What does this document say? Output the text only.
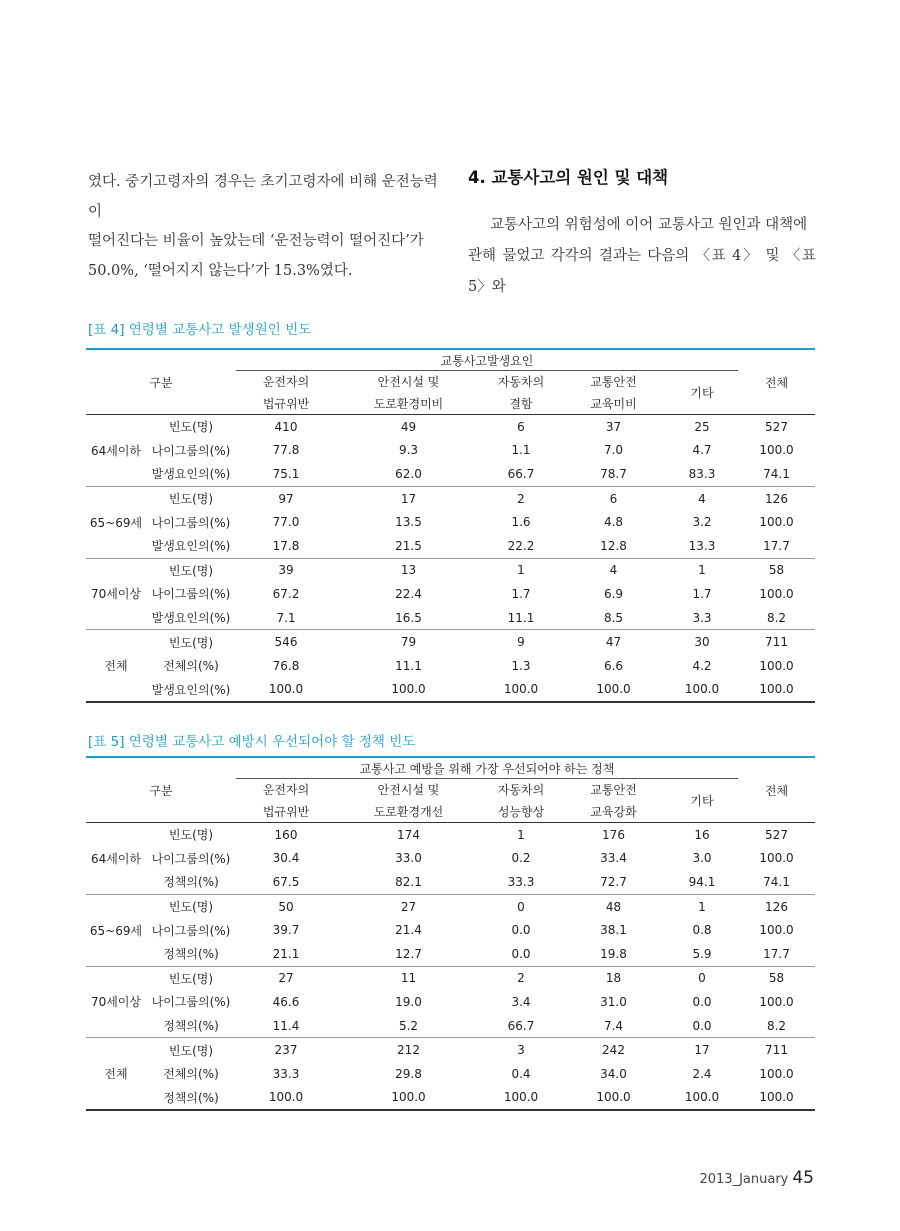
였다. 중기고령자의 경우는 초기고령자에 비해 운전능력이

떨어진다는 비율이 높았는데 ‘운전능력이 떨어진다’가

50.0%, ‘떨어지지 않는다’가 15.3%였다.

4. 교통사고의 원인 및 대책

교통사고의 위험성에 이어 교통사고 원인과 대책에

관해 물었고 각각의 결과는 다음의 〈표 4〉 및 〈표 5〉와

[표 4] 연령별 교통사고 발생원인 빈도
구분		교통사고발생요인					전체
		운전자의	안전시설 및	자동차의	교통안전	기타	
		법규위반	도로환경미비	결함	교육미비		
64세이하	빈도(명)	410	49	6	37	25	527
	나이그룹의(%)	77.8	9.3	1.1	7.0	4.7	100.0
	발생요인의(%)	75.1	62.0	66.7	78.7	83.3	74.1
65~69세	빈도(명)	97	17	2	6	4	126
	나이그룹의(%)	77.0	13.5	1.6	4.8	3.2	100.0
	발생요인의(%)	17.8	21.5	22.2	12.8	13.3	17.7
70세이상	빈도(명)	39	13	1	4	1	58
	나이그룹의(%)	67.2	22.4	1.7	6.9	1.7	100.0
	발생요인의(%)	7.1	16.5	11.1	8.5	3.3	8.2
전체	빈도(명)	546	79	9	47	30	711
	전체의(%)	76.8	11.1	1.3	6.6	4.2	100.0
	발생요인의(%)	100.0	100.0	100.0	100.0	100.0	100.0
[표 5] 연령별 교통사고 예방시 우선되어야 할 정책 빈도
구분		교통사고 예방을 위해 가장 우선되어야 하는 정책					전체
		운전자의	안전시설 및	자동차의	교통안전	기타	
		법규위반	도로환경개선	성능향상	교육강화		
64세이하	빈도(명)	160	174	1	176	16	527
	나이그룹의(%)	30.4	33.0	0.2	33.4	3.0	100.0
	정책의(%)	67.5	82.1	33.3	72.7	94.1	74.1
65~69세	빈도(명)	50	27	0	48	1	126
	나이그룹의(%)	39.7	21.4	0.0	38.1	0.8	100.0
	정책의(%)	21.1	12.7	0.0	19.8	5.9	17.7
70세이상	빈도(명)	27	11	2	18	0	58
	나이그룹의(%)	46.6	19.0	3.4	31.0	0.0	100.0
	정책의(%)	11.4	5.2	66.7	7.4	0.0	8.2
전체	빈도(명)	237	212	3	242	17	711
	전체의(%)	33.3	29.8	0.4	34.0	2.4	100.0
	정책의(%)	100.0	100.0	100.0	100.0	100.0	100.0
2013_January 45
